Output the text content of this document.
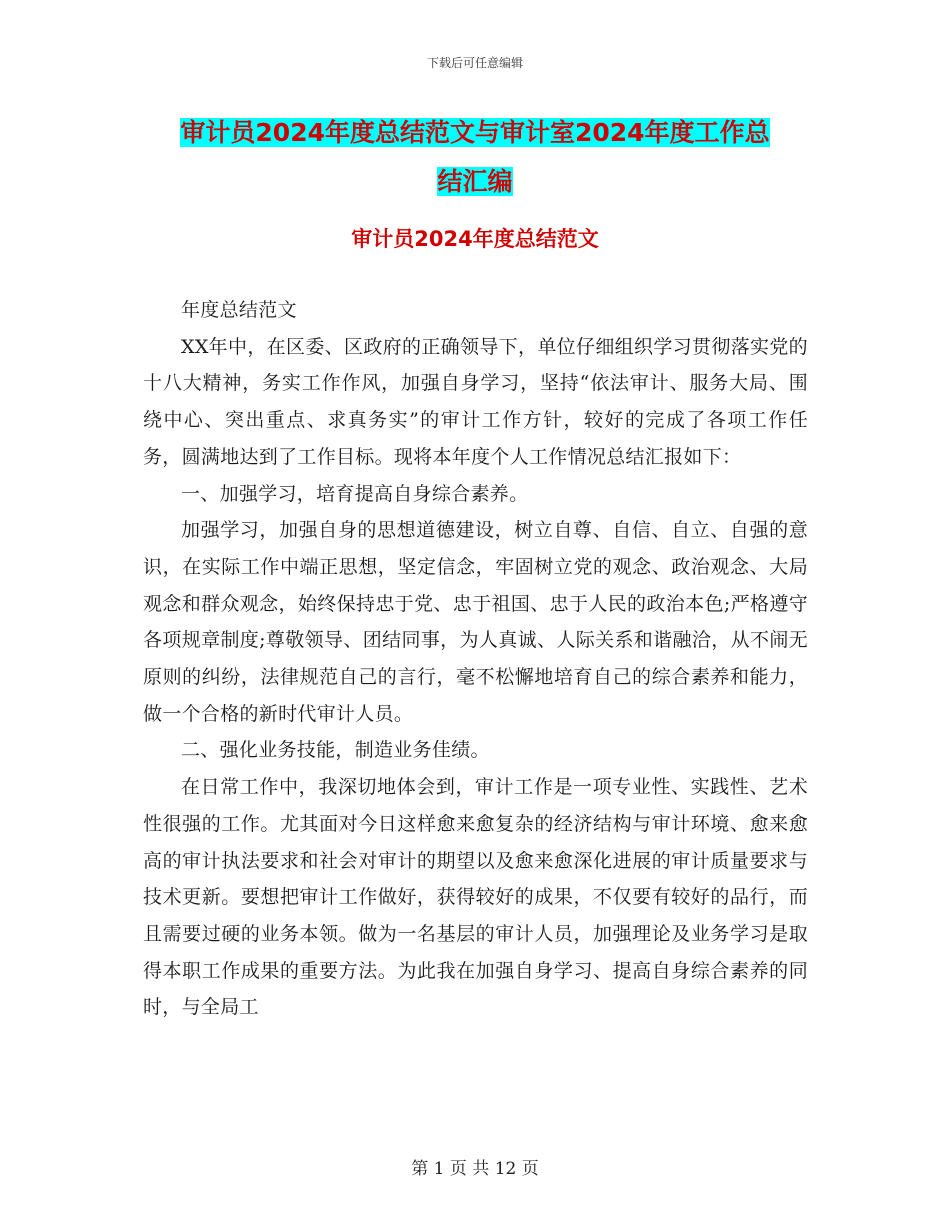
下载后可任意编辑
审计员2024年度总结范文与审计室2024年度工作总
结汇编
审计员2024年度总结范文

年度总结范文

XX年中，在区委、区政府的正确领导下，单位仔细组织学习贯彻落实党的十八大精神，务实工作作风，加强自身学习，坚持“依法审计、服务大局、围绕中心、突出重点、求真务实”的审计工作方针，较好的完成了各项工作任务，圆满地达到了工作目标。现将本年度个人工作情况总结汇报如下：

一、加强学习，培育提高自身综合素养。

加强学习，加强自身的思想道德建设，树立自尊、自信、自立、自强的意识，在实际工作中端正思想，坚定信念，牢固树立党的观念、政治观念、大局观念和群众观念，始终保持忠于党、忠于祖国、忠于人民的政治本色;严格遵守各项规章制度;尊敬领导、团结同事，为人真诚、人际关系和谐融洽，从不闹无原则的纠纷，法律规范自己的言行，毫不松懈地培育自己的综合素养和能力，做一个合格的新时代审计人员。

二、强化业务技能，制造业务佳绩。

在日常工作中，我深切地体会到，审计工作是一项专业性、实践性、艺术性很强的工作。尤其面对今日这样愈来愈复杂的经济结构与审计环境、愈来愈高的审计执法要求和社会对审计的期望以及愈来愈深化进展的审计质量要求与技术更新。要想把审计工作做好，获得较好的成果，不仅要有较好的品行，而且需要过硬的业务本领。做为一名基层的审计人员，加强理论及业务学习是取得本职工作成果的重要方法。为此我在加强自身学习、提高自身综合素养的同时，与全局工

第 1 页 共 12 页
